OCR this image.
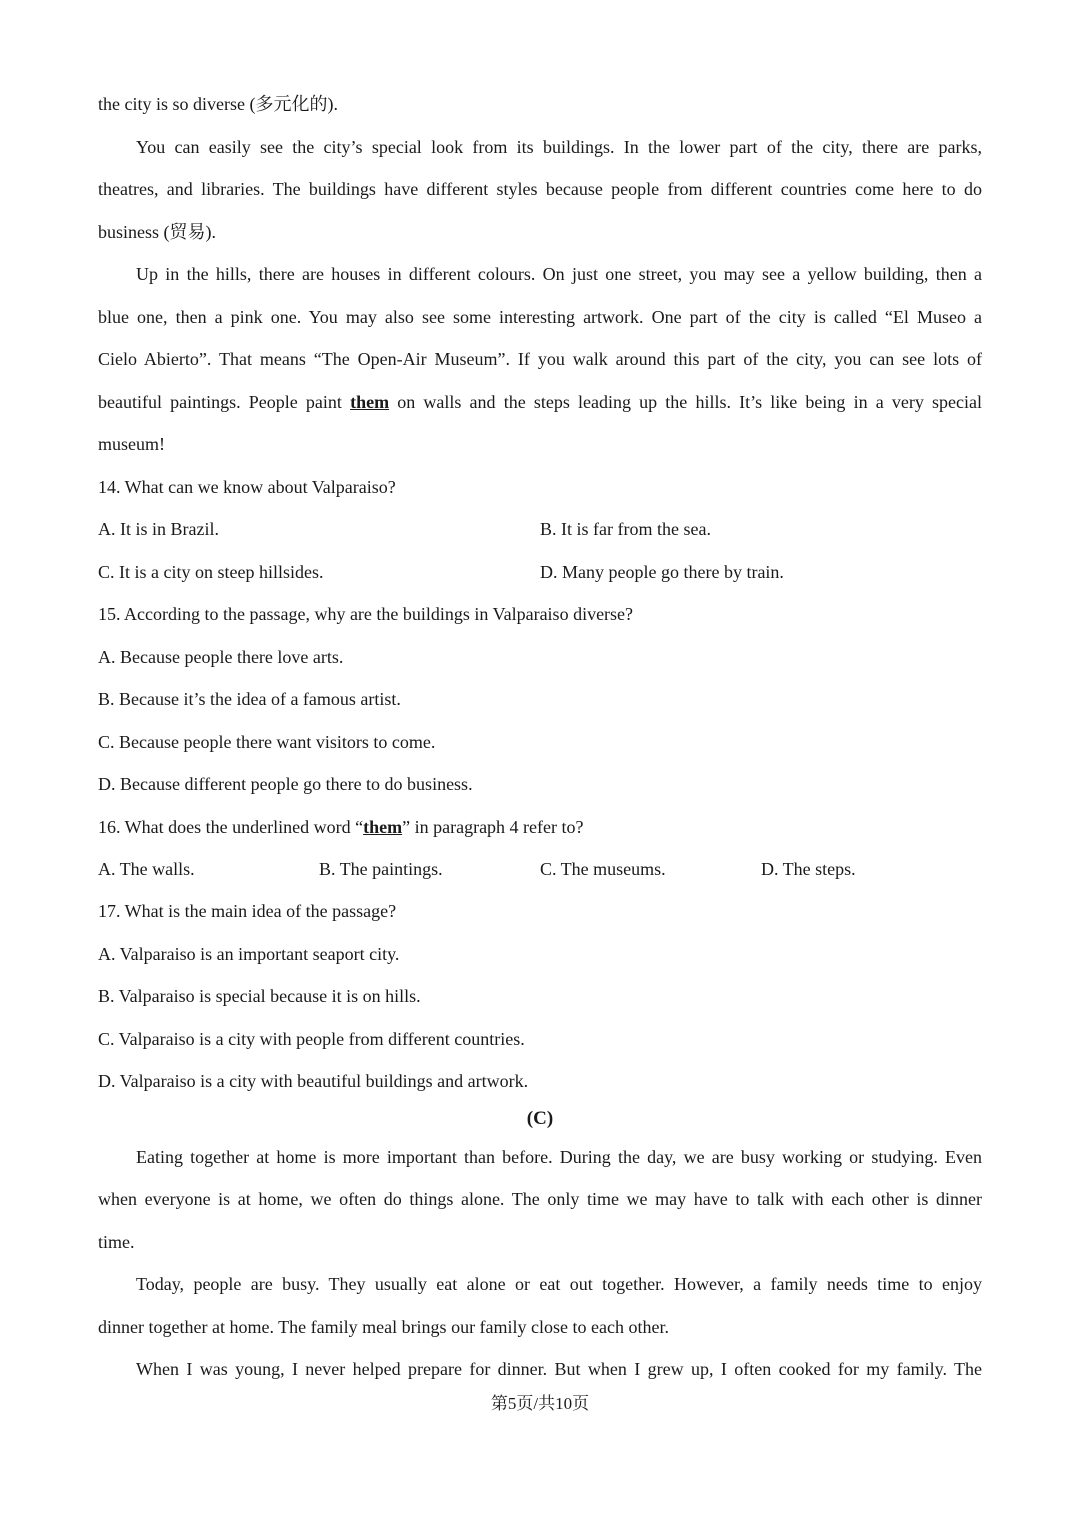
the city is so diverse (多元化的).
You can easily see the city’s special look from its buildings. In the lower part of the city, there are parks,
theatres, and libraries. The buildings have different styles because people from different countries come here to do
business (贸易).
Up in the hills, there are houses in different colours. On just one street, you may see a yellow building, then a
blue one, then a pink one. You may also see some interesting artwork. One part of the city is called “El Museo a
Cielo Abierto”. That means “The Open-Air Museum”. If you walk around this part of the city, you can see lots of
beautiful paintings. People paint them on walls and the steps leading up the hills. It’s like being in a very special
museum!
14. What can we know about Valparaiso?
A. It is in Brazil.	B. It is far from the sea.
C. It is a city on steep hillsides.	D. Many people go there by train.
15. According to the passage, why are the buildings in Valparaiso diverse?
A. Because people there love arts.
B. Because it’s the idea of a famous artist.
C. Because people there want visitors to come.
D. Because different people go there to do business.
16. What does the underlined word “them” in paragraph 4 refer to?
A. The walls.	B. The paintings.	C. The museums.	D. The steps.
17. What is the main idea of the passage?
A. Valparaiso is an important seaport city.
B. Valparaiso is special because it is on hills.
C. Valparaiso is a city with people from different countries.
D. Valparaiso is a city with beautiful buildings and artwork.
(C)
Eating together at home is more important than before. During the day, we are busy working or studying. Even
when everyone is at home, we often do things alone. The only time we may have to talk with each other is dinner
time.
Today, people are busy. They usually eat alone or eat out together. However, a family needs time to enjoy
dinner together at home. The family meal brings our family close to each other.
When I was young, I never helped prepare for dinner. But when I grew up, I often cooked for my family. The
第5页/共10页
